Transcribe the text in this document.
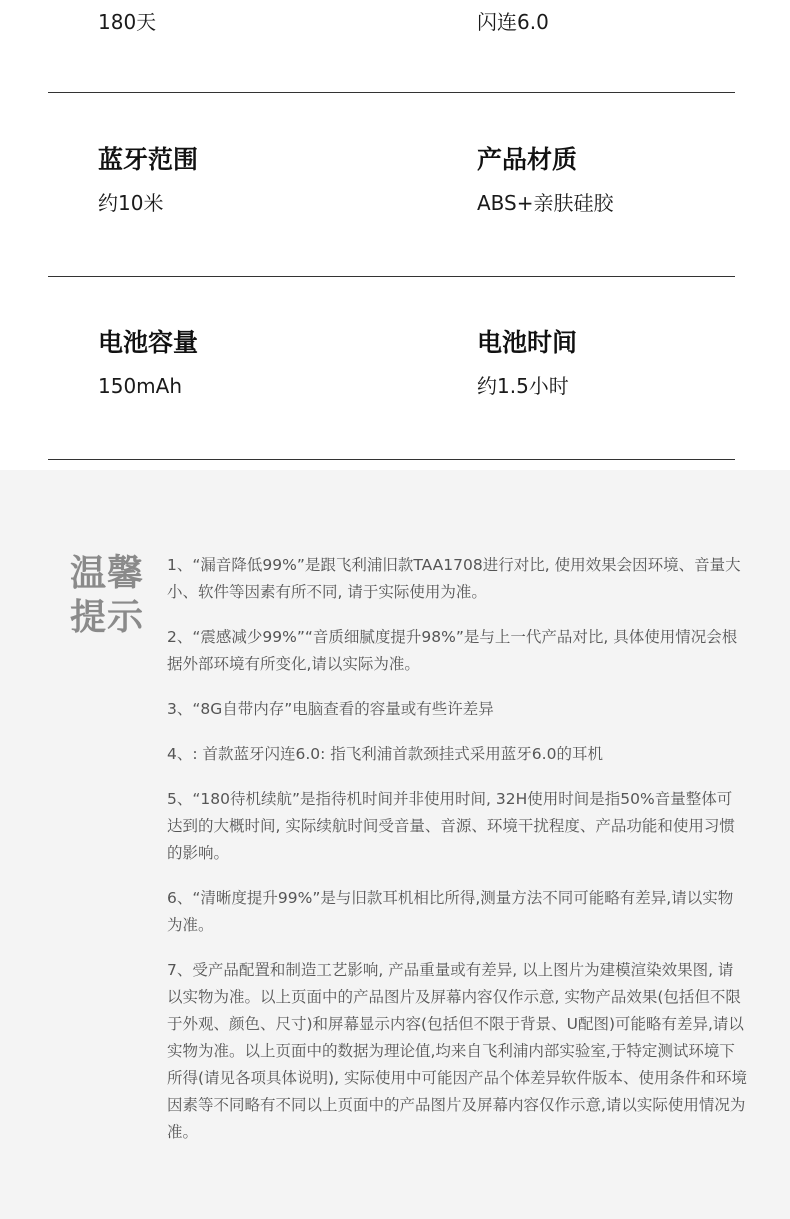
180天	闪连6.0
蓝牙范围
约10米
产品材质
ABS+亲肤硅胶
电池容量
150mAh
电池时间
约1.5小时
温馨
提示

1、“漏音降低99%”是跟飞利浦旧款TAA1708进行对比, 使用效果会因环境、音量大小、软件等因素有所不同, 请于实际使用为准。

2、“震感减少99%”“音质细腻度提升98%”是与上一代产品对比, 具体使用情况会根据外部环境有所变化,请以实际为准。

3、“8G自带内存”电脑查看的容量或有些许差异

4、: 首款蓝牙闪连6.0: 指飞利浦首款颈挂式采用蓝牙6.0的耳机

5、“180待机续航”是指待机时间并非使用时间, 32H使用时间是指50%音量整体可达到的大概时间, 实际续航时间受音量、音源、环境干扰程度、产品功能和使用习惯的影响。

6、“清晰度提升99%”是与旧款耳机相比所得,测量方法不同可能略有差异,请以实物为准。

7、受产品配置和制造工艺影响, 产品重量或有差异, 以上图片为建模渲染效果图, 请以实物为准。以上页面中的产品图片及屏幕内容仅作示意, 实物产品效果(包括但不限于外观、颜色、尺寸)和屏幕显示内容(包括但不限于背景、U配图)可能略有差异,请以实物为准。以上页面中的数据为理论值,均来自飞利浦内部实验室,于特定测试环境下所得(请见各项具体说明), 实际使用中可能因产品个体差异软件版本、使用条件和环境因素等不同略有不同以上页面中的产品图片及屏幕内容仅作示意,请以实际使用情况为准。
